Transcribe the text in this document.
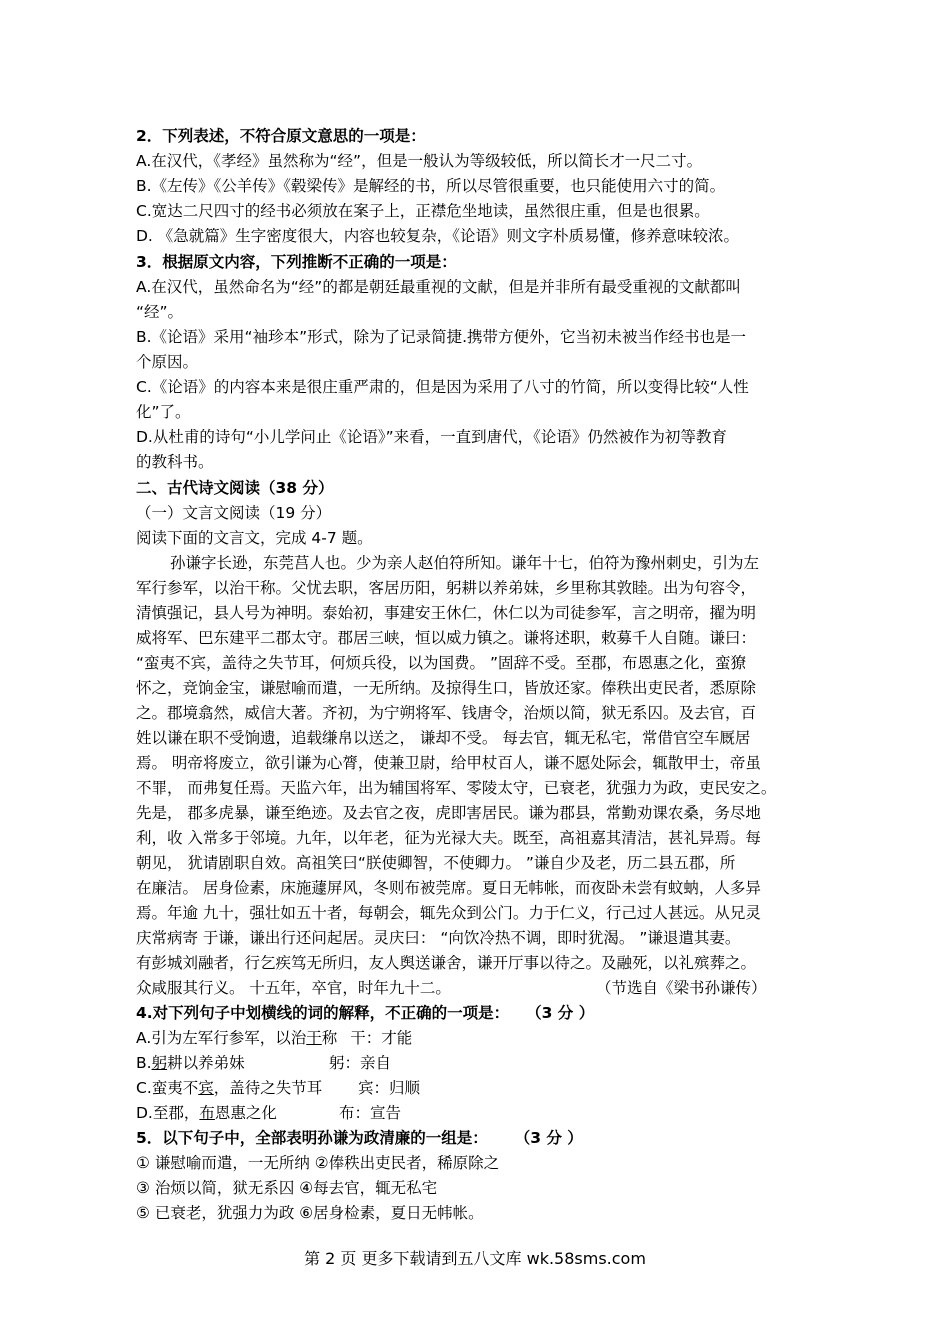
2．下列表述，不符合原文意思的一项是：
A.在汉代，《孝经》虽然称为“经”，但是一般认为等级较低，所以简长才一尺二寸。
B.《左传》《公羊传》《毂梁传》是解经的书，所以尽管很重要，也只能使用六寸的简。
C.宽达二尺四寸的经书必须放在案子上，正襟危坐地读，虽然很庄重，但是也很累。
D. 《急就篇》生字密度很大，内容也较复杂，《论语》则文字朴质易懂，修养意味较浓。
3．根据原文内容，下列推断不正确的一项是：
A.在汉代，虽然命名为“经”的都是朝廷最重视的文献，但是并非所有最受重视的文献都叫
“经”。
B.《论语》采用“袖珍本”形式，除为了记录简捷.携带方便外，它当初未被当作经书也是一
个原因。
C.《论语》的内容本来是很庄重严肃的，但是因为采用了八寸的竹简，所以变得比较“人性
化”了。
D.从杜甫的诗句“小儿学问止《论语》”来看，一直到唐代，《论语》仍然被作为初等教育
的教科书。
二、古代诗文阅读（38 分）
（一）文言文阅读（19 分）
阅读下面的文言文，完成 4-7 题。
孙谦字长逊，东莞莒人也。少为亲人赵伯符所知。谦年十七，伯符为豫州刺史，引为左
军行参军，以治干称。父忧去职，客居历阳，躬耕以养弟妹，乡里称其敦睦。出为句容令，
清慎强记，县人号为神明。泰始初，事建安王休仁，休仁以为司徒参军，言之明帝，擢为明
威将军、巴东建平二郡太守。郡居三峡，恒以威力镇之。谦将述职，敕募千人自随。谦曰：
“蛮夷不宾，盖待之失节耳，何烦兵役，以为国费。 ”固辞不受。至郡，布恩惠之化，蛮獠
怀之，竞饷金宝，谦慰喻而遣，一无所纳。及掠得生口，皆放还家。俸秩出吏民者，悉原除
之。郡境翕然，威信大著。齐初，为宁朔将军、钱唐令，治烦以简，狱无系囚。及去官，百
姓以谦在职不受饷遗，追载缣帛以送之， 谦却不受。 每去官，辄无私宅，常借官空车厩居
焉。 明帝将废立，欲引谦为心膂，使兼卫尉，给甲杖百人，谦不愿处际会，辄散甲士，帝虽
不罪， 而弗复任焉。天监六年，出为辅国将军、零陵太守，已衰老，犹强力为政，吏民安之。
先是， 郡多虎暴，谦至绝迹。及去官之夜，虎即害居民。谦为郡县，常勤劝课农桑，务尽地
利，收 入常多于邻境。九年，以年老，征为光禄大夫。既至，高祖嘉其清洁，甚礼异焉。每
朝见， 犹请剧职自效。高祖笑曰“朕使卿智，不使卿力。 ”谦自少及老，历二县五郡，所
在廉洁。 居身俭素，床施蘧屏风，冬则布被莞席。夏日无帏帐，而夜卧未尝有蚊蚋，人多异
焉。年逾 九十，强壮如五十者，每朝会，辄先众到公门。力于仁义，行己过人甚远。从兄灵
庆常病寄 于谦，谦出行还问起居。灵庆曰： “向饮冷热不调，即时犹渴。 ”谦退遣其妻。
有彭城刘融者，行乞疾笃无所归，友人舆送谦舍，谦开厅事以待之。及融死，以礼殡葬之。
众咸服其行义。 十五年，卒官，时年九十二。	（节选自《梁书孙谦传）
4.对下列句子中划横线的词的解释，不正确的一项是： （3 分 ）
A.引为左军行参军，以治干称 干：才能
B.躬耕以养弟妹	躬：亲自
C.蛮夷不宾，盖待之失节耳 宾：归顺
D.至郡，布恩惠之化	布：宣告
5．以下句子中，全部表明孙谦为政清廉的一组是： （3 分 ）
① 谦慰喻而遣，一无所纳 ②俸秩出吏民者，稀原除之
③ 治烦以简，狱无系囚 ④每去官，辄无私宅
⑤ 已衰老，犹强力为政 ⑥居身检素，夏日无帏帐。
第 2 页 更多下载请到五八文库 wk.58sms.com
